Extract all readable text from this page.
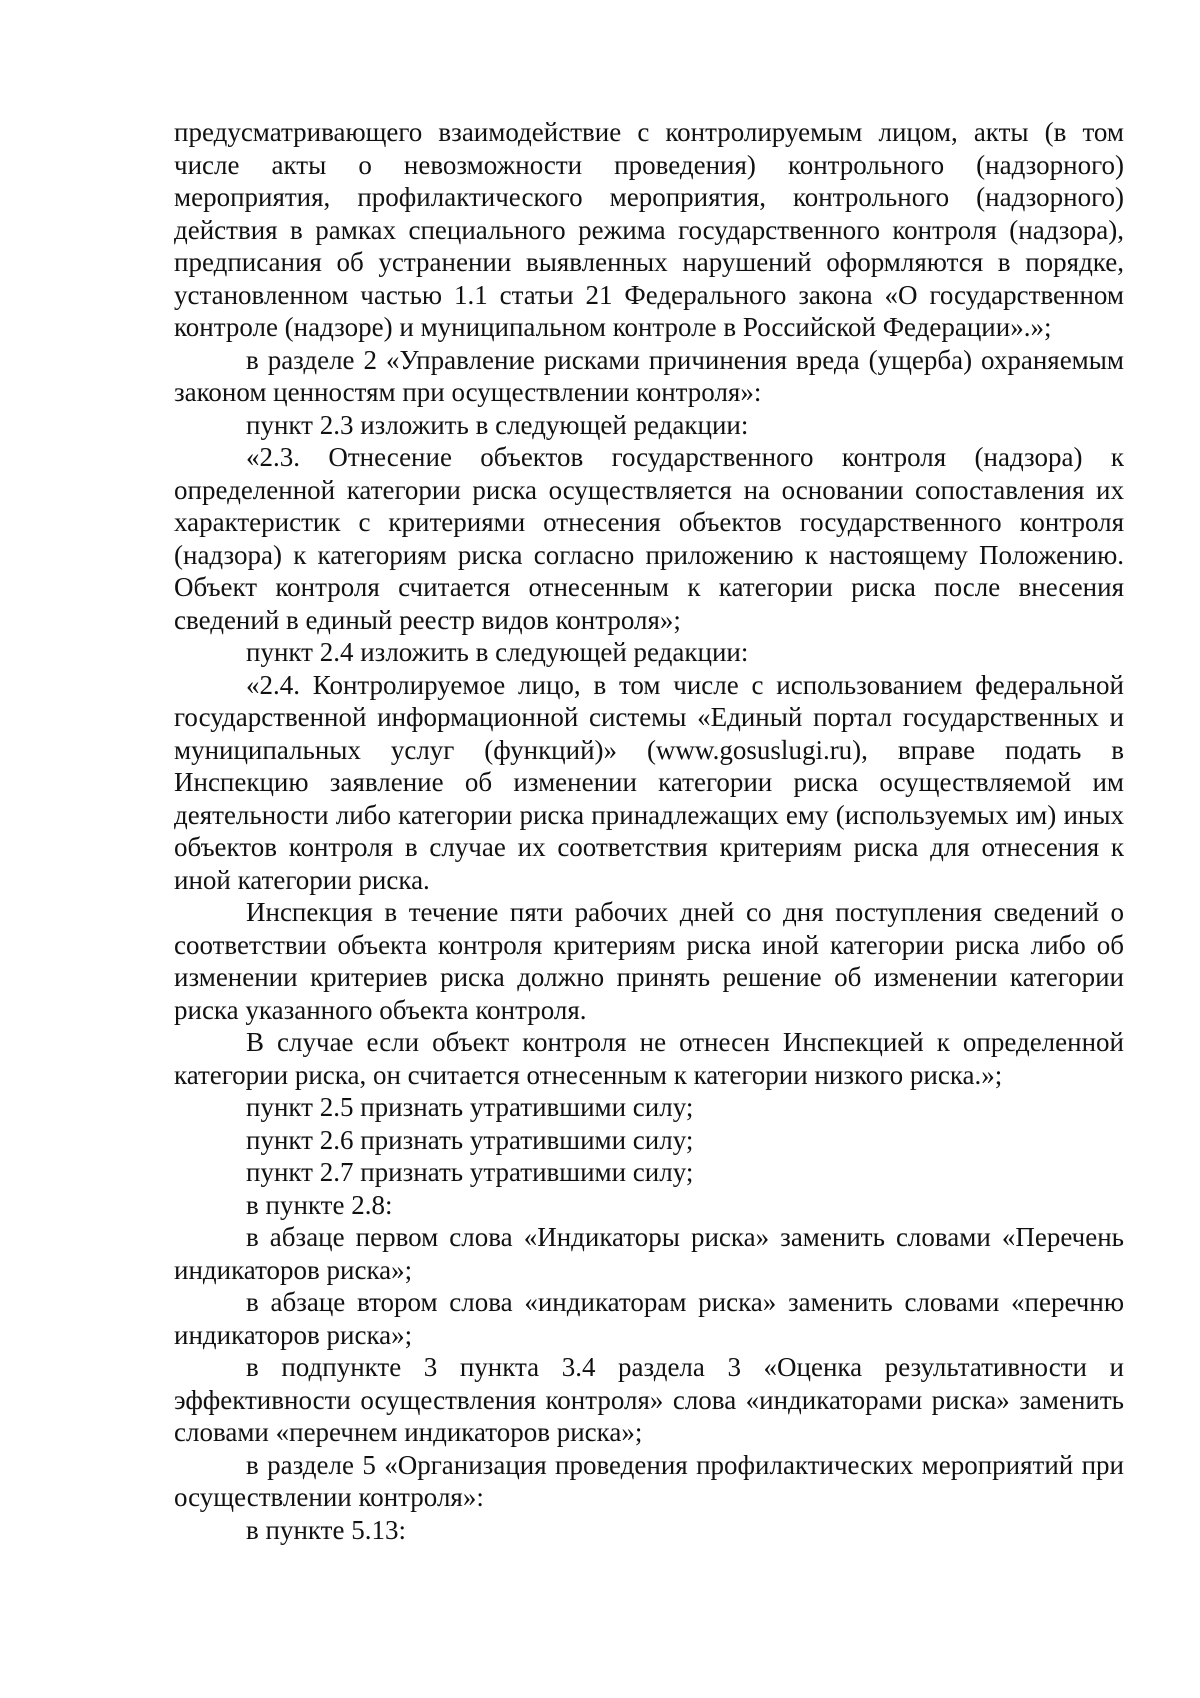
предусматривающего взаимодействие с контролируемым лицом, акты (в том числе акты о невозможности проведения) контрольного (надзорного) мероприятия, профилактического мероприятия, контрольного (надзорного) действия в рамках специального режима государственного контроля (надзора), предписания об устранении выявленных нарушений оформляются в порядке, установленном частью 1.1 статьи 21 Федерального закона «О государственном контроле (надзоре) и муниципальном контроле в Российской Федерации».»;

в разделе 2 «Управление рисками причинения вреда (ущерба) охраняемым законом ценностям при осуществлении контроля»:

пункт 2.3 изложить в следующей редакции:

«2.3. Отнесение объектов государственного контроля (надзора) к определенной категории риска осуществляется на основании сопоставления их характеристик с критериями отнесения объектов государственного контроля (надзора) к категориям риска согласно приложению к настоящему Положению. Объект контроля считается отнесенным к категории риска после внесения сведений в единый реестр видов контроля»;

пункт 2.4 изложить в следующей редакции:

«2.4. Контролируемое лицо, в том числе с использованием федеральной государственной информационной системы «Единый портал государственных и муниципальных услуг (функций)» (www.gosuslugi.ru), вправе подать в Инспекцию заявление об изменении категории риска осуществляемой им деятельности либо категории риска принадлежащих ему (используемых им) иных объектов контроля в случае их соответствия критериям риска для отнесения к иной категории риска.

Инспекция в течение пяти рабочих дней со дня поступления сведений о соответствии объекта контроля критериям риска иной категории риска либо об изменении критериев риска должно принять решение об изменении категории риска указанного объекта контроля.

В случае если объект контроля не отнесен Инспекцией к определенной категории риска, он считается отнесенным к категории низкого риска.»;

пункт 2.5 признать утратившими силу;

пункт 2.6 признать утратившими силу;

пункт 2.7 признать утратившими силу;

в пункте 2.8:

в абзаце первом слова «Индикаторы риска» заменить словами «Перечень индикаторов риска»;

в абзаце втором слова «индикаторам риска» заменить словами «перечню индикаторов риска»;

в подпункте 3 пункта 3.4 раздела 3 «Оценка результативности и эффективности осуществления контроля» слова «индикаторами риска» заменить словами «перечнем индикаторов риска»;

в разделе 5 «Организация проведения профилактических мероприятий при осуществлении контроля»:

в пункте 5.13:
